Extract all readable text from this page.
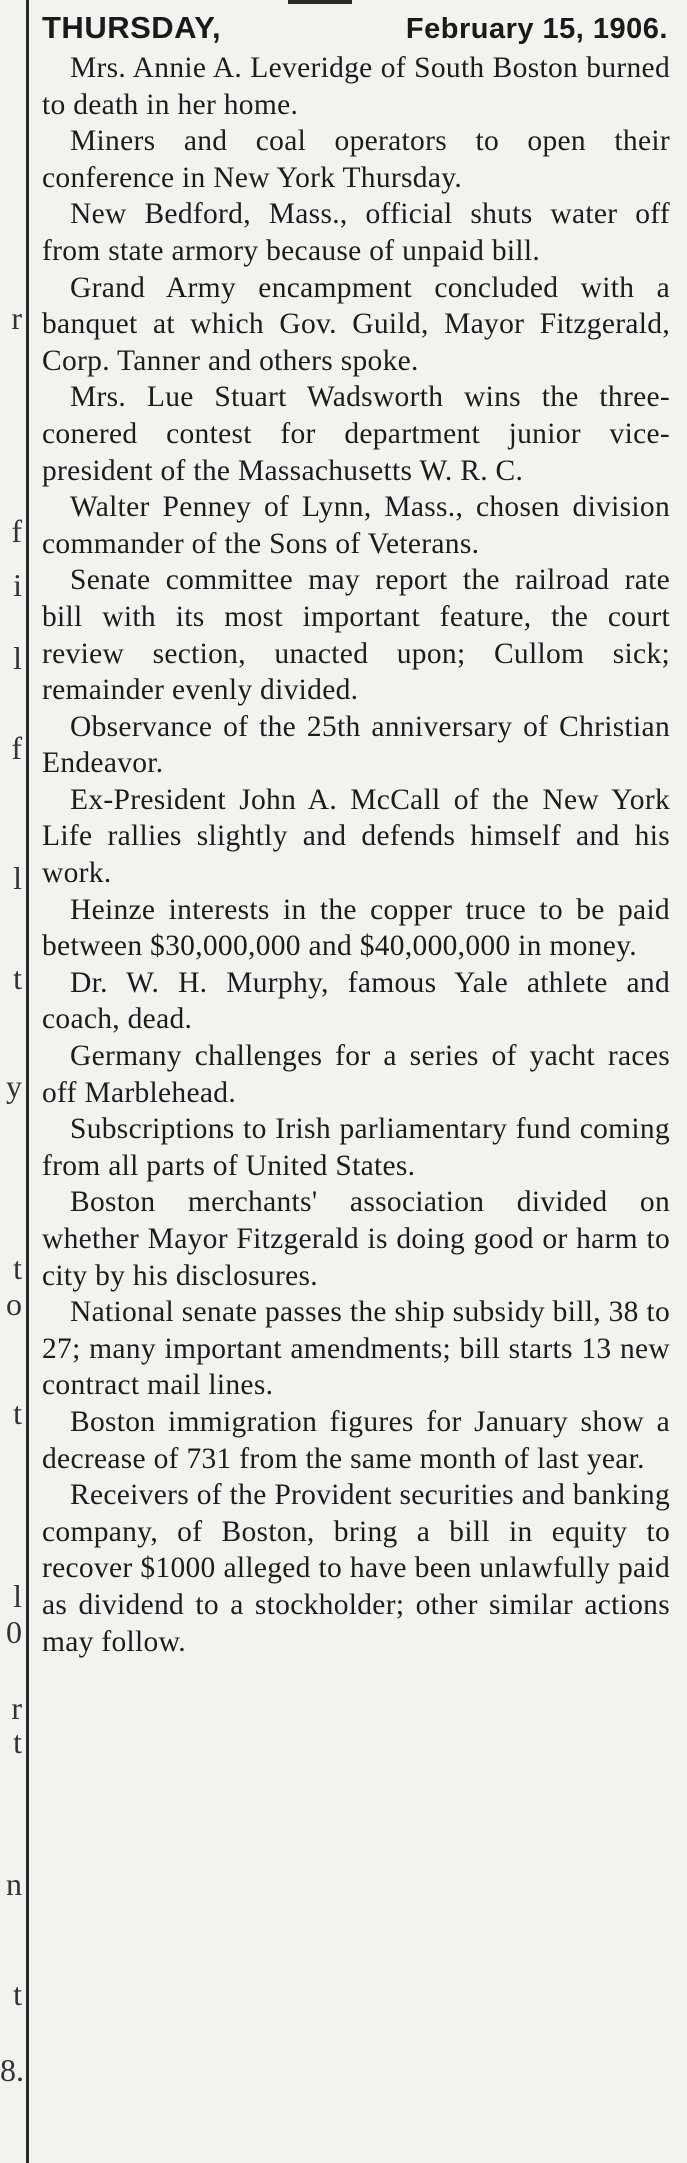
r
f
i
l
f
l
t
y
t
o
t
l
0
r
t
n
t
8.
THURSDAY,	February 15, 1906.
Mrs. Annie A. Leveridge of South Boston burned to death in her home.
Miners and coal operators to open their conference in New York Thursday.
New Bedford, Mass., official shuts water off from state armory because of unpaid bill.
Grand Army encampment concluded with a banquet at which Gov. Guild, Mayor Fitzgerald, Corp. Tanner and others spoke.
Mrs. Lue Stuart Wadsworth wins the three-conered contest for department junior vice-president of the Massachusetts W. R. C.
Walter Penney of Lynn, Mass., chosen division commander of the Sons of Veterans.
Senate committee may report the railroad rate bill with its most important feature, the court review section, unacted upon; Cullom sick; remainder evenly divided.
Observance of the 25th anniversary of Christian Endeavor.
Ex-President John A. McCall of the New York Life rallies slightly and defends himself and his work.
Heinze interests in the copper truce to be paid between $30,000,000 and $40,000,000 in money.
Dr. W. H. Murphy, famous Yale athlete and coach, dead.
Germany challenges for a series of yacht races off Marblehead.
Subscriptions to Irish parliamentary fund coming from all parts of United States.
Boston merchants' association divided on whether Mayor Fitzgerald is doing good or harm to city by his disclosures.
National senate passes the ship subsidy bill, 38 to 27; many important amendments; bill starts 13 new contract mail lines.
Boston immigration figures for January show a decrease of 731 from the same month of last year.
Receivers of the Provident securities and banking company, of Boston, bring a bill in equity to recover $1000 alleged to have been unlawfully paid as dividend to a stockholder; other similar actions may follow.
